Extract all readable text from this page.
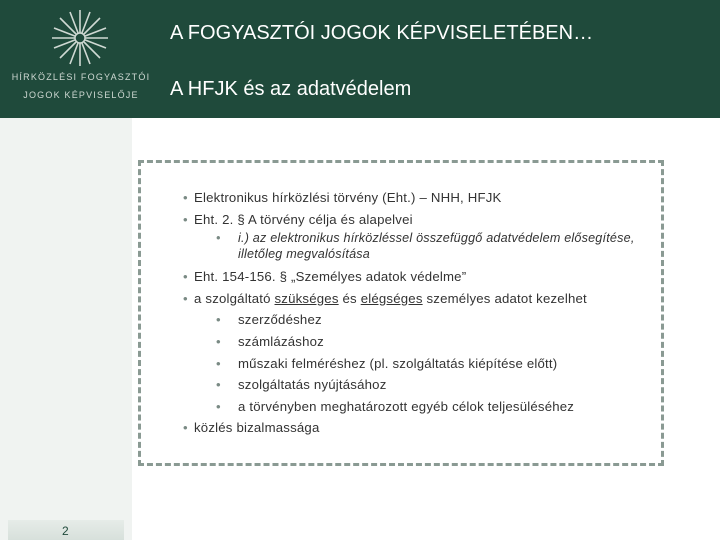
HÍRKÖZLÉSI FOGYASZTÓI
JOGOK KÉPVISELŐJE
A FOGYASZTÓI JOGOK KÉPVISELETÉBEN…
A HFJK és az adatvédelem
2
• Elektronikus hírközlési törvény (Eht.) – NHH, HFJK
• Eht. 2. § A törvény célja és alapelvei
• i.) az elektronikus hírközléssel összefüggő adatvédelem elősegítése, illetőleg megvalósítása
• Eht. 154-156. § „Személyes adatok védelme”
• a szolgáltató szükséges és elégséges személyes adatot kezelhet
• szerződéshez
• számlázáshoz
• műszaki felméréshez (pl. szolgáltatás kiépítése előtt)
• szolgáltatás nyújtásához
• a törvényben meghatározott egyéb célok teljesüléséhez
• közlés bizalmassága
